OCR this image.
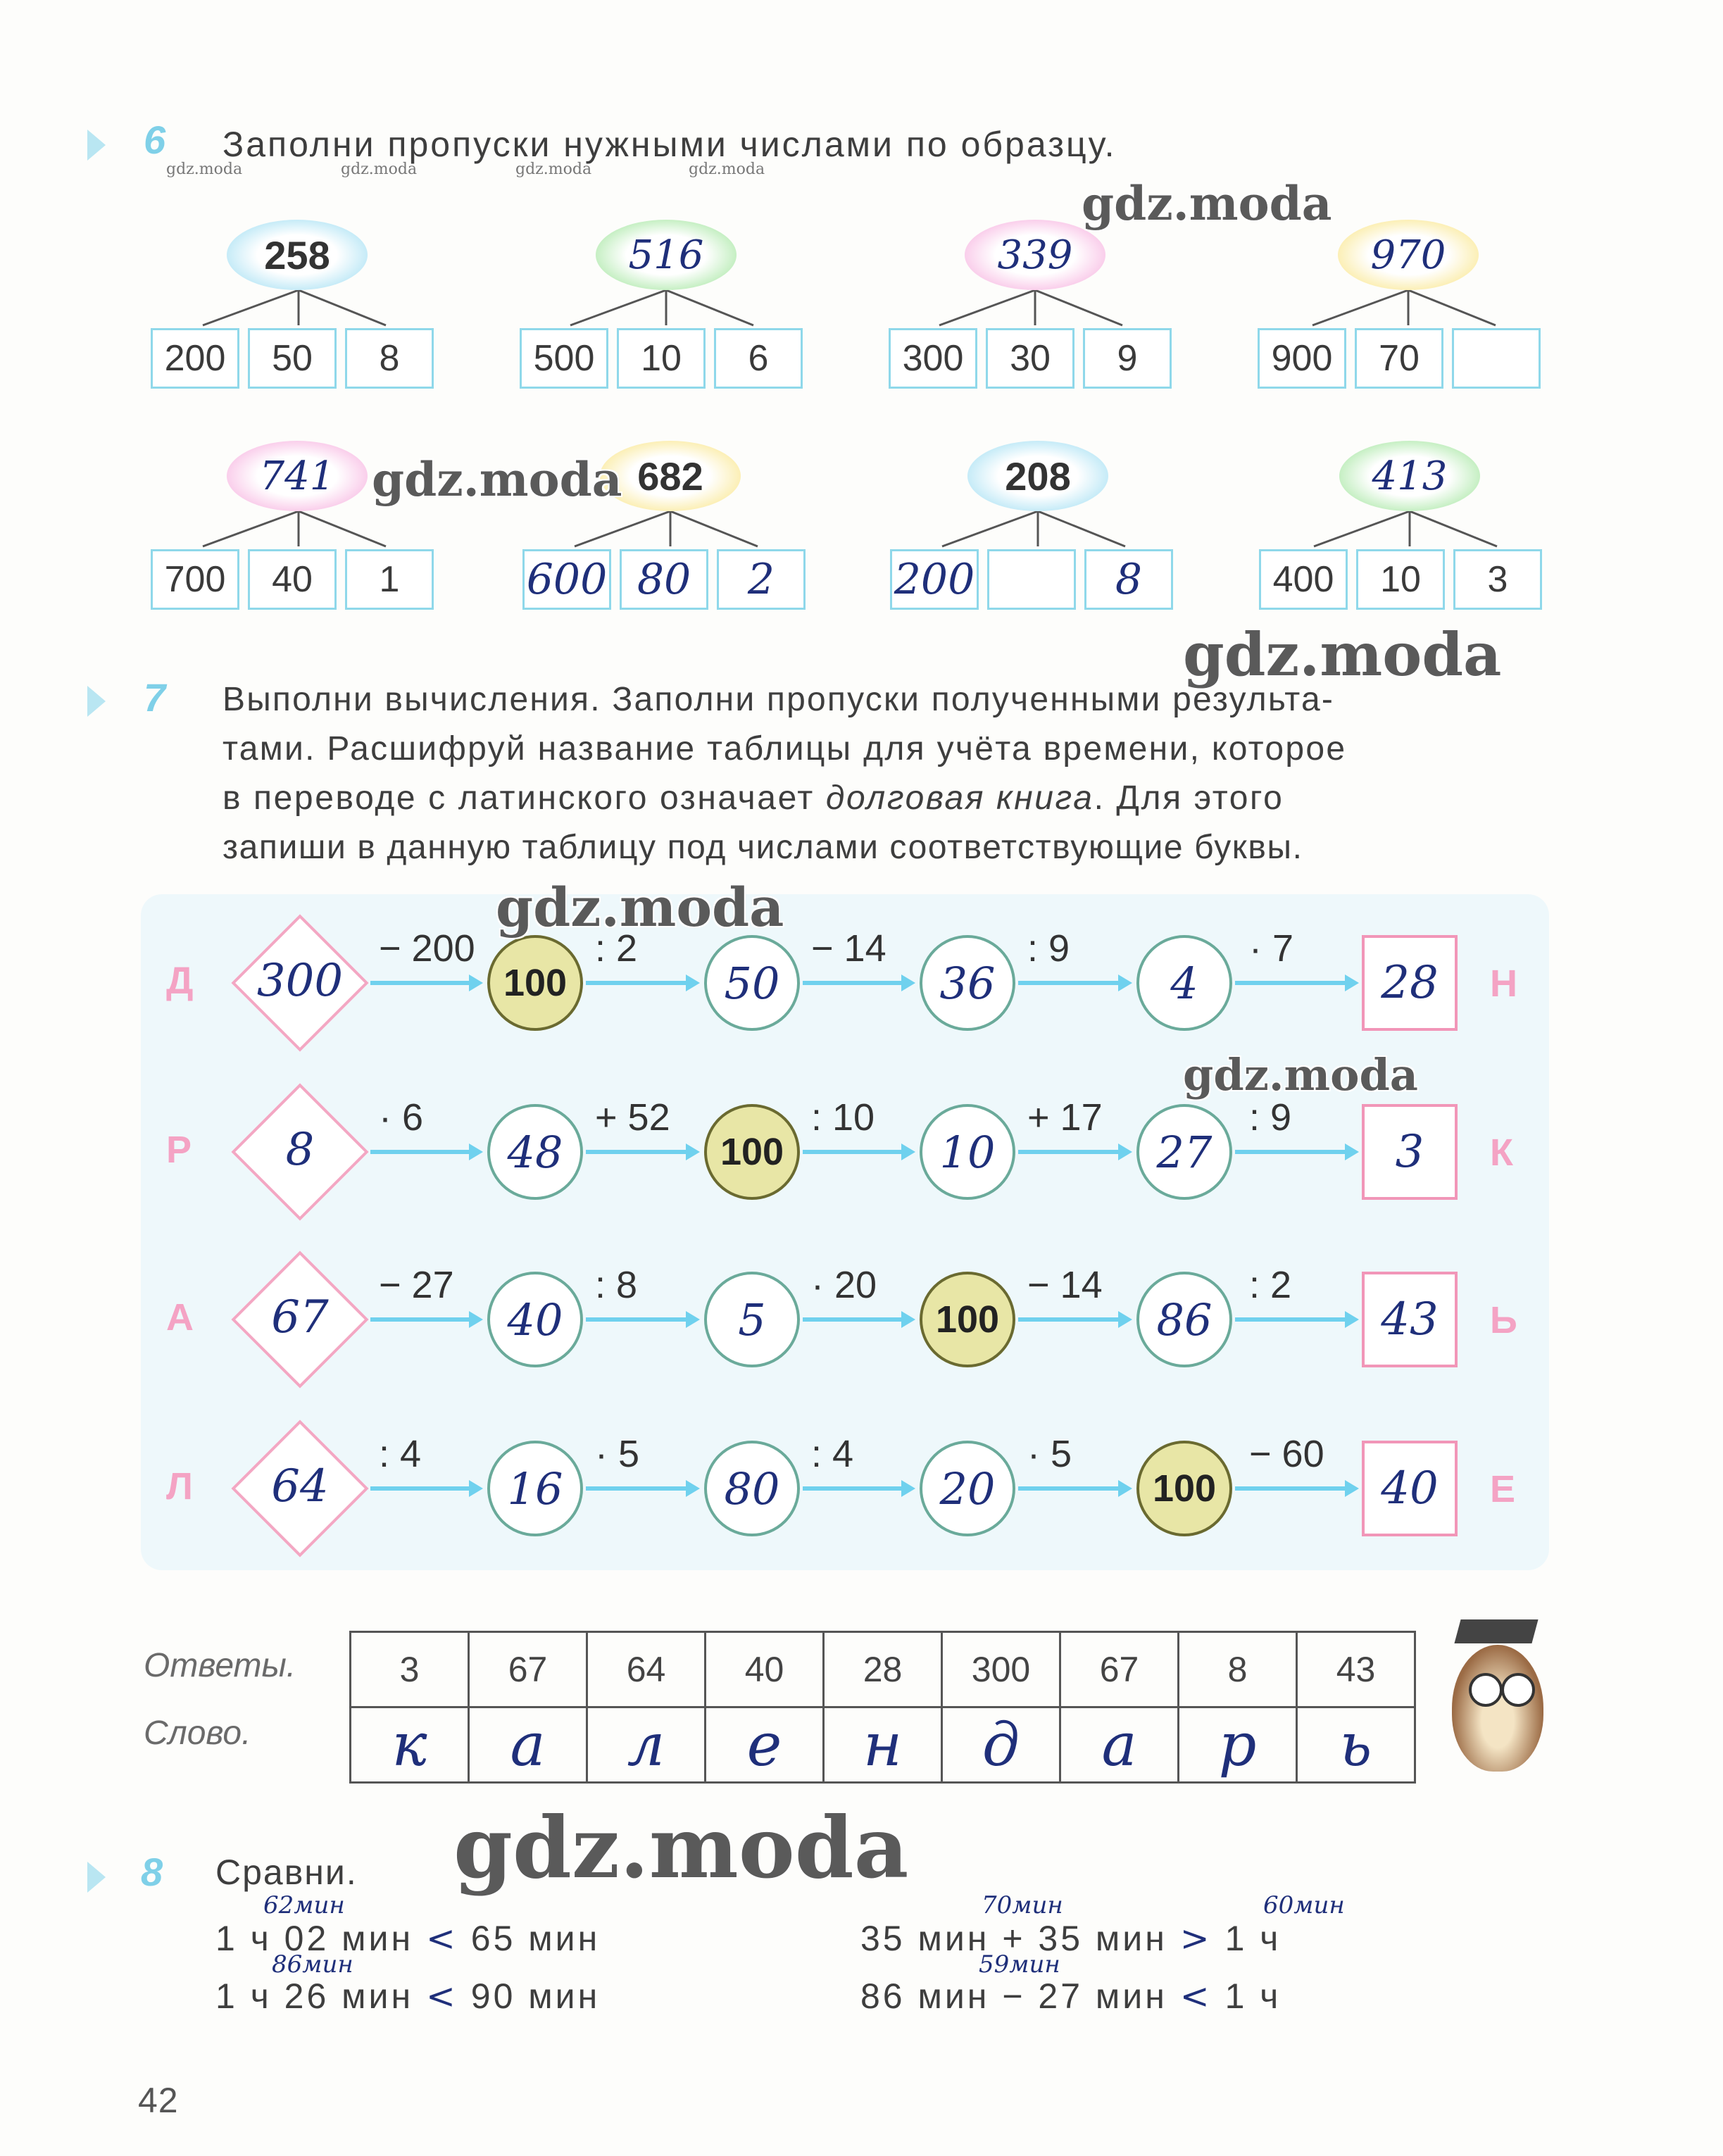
6 Заполни пропуски нужными числами по образцу.
gdz.moda	gdz.moda	gdz.moda	gdz.moda
258
200	50	8
516
500	10	6
339
300	30	9
970
900	70
741
700	40	1
682
600 80	2
208
200	8
413
400	10	3
gdz.moda
gdz.moda
gdz.moda
7 Выполни вычисления. Заполни пропуски полученными результа-
тами. Расшифруй название таблицы для учёта времени, которое
в переводе с латинского означает долговая книга. Для этого
запиши в данную таблицу под числами соответствующие буквы.
Д	300
− 200	: 2	− 14	: 9	· 7
100	50	36	4	28	Н
Р	8
· 6	+ 52	: 10	+ 17	: 9
48	100	10	27	3	К
А	67
− 27	: 8	· 20	− 14	: 2
40	5	100	86	43	Ь
Л	64
: 4	· 5	: 4	· 5	− 60
16	80	20	100	40	Е
gdz.moda
gdz.moda
Ответы.
Слово.
3	67	64	40	28	300	67	8	43
к	а	л	е	н	д	а	р	ь
8 Сравни. gdz.moda
62мин
1 ч 02 мин < 65 мин
86мин
1 ч 26 мин < 90 мин
70мин	60мин
35 мин + 35 мин > 1 ч
59мин
86 мин − 27 мин < 1 ч
42
